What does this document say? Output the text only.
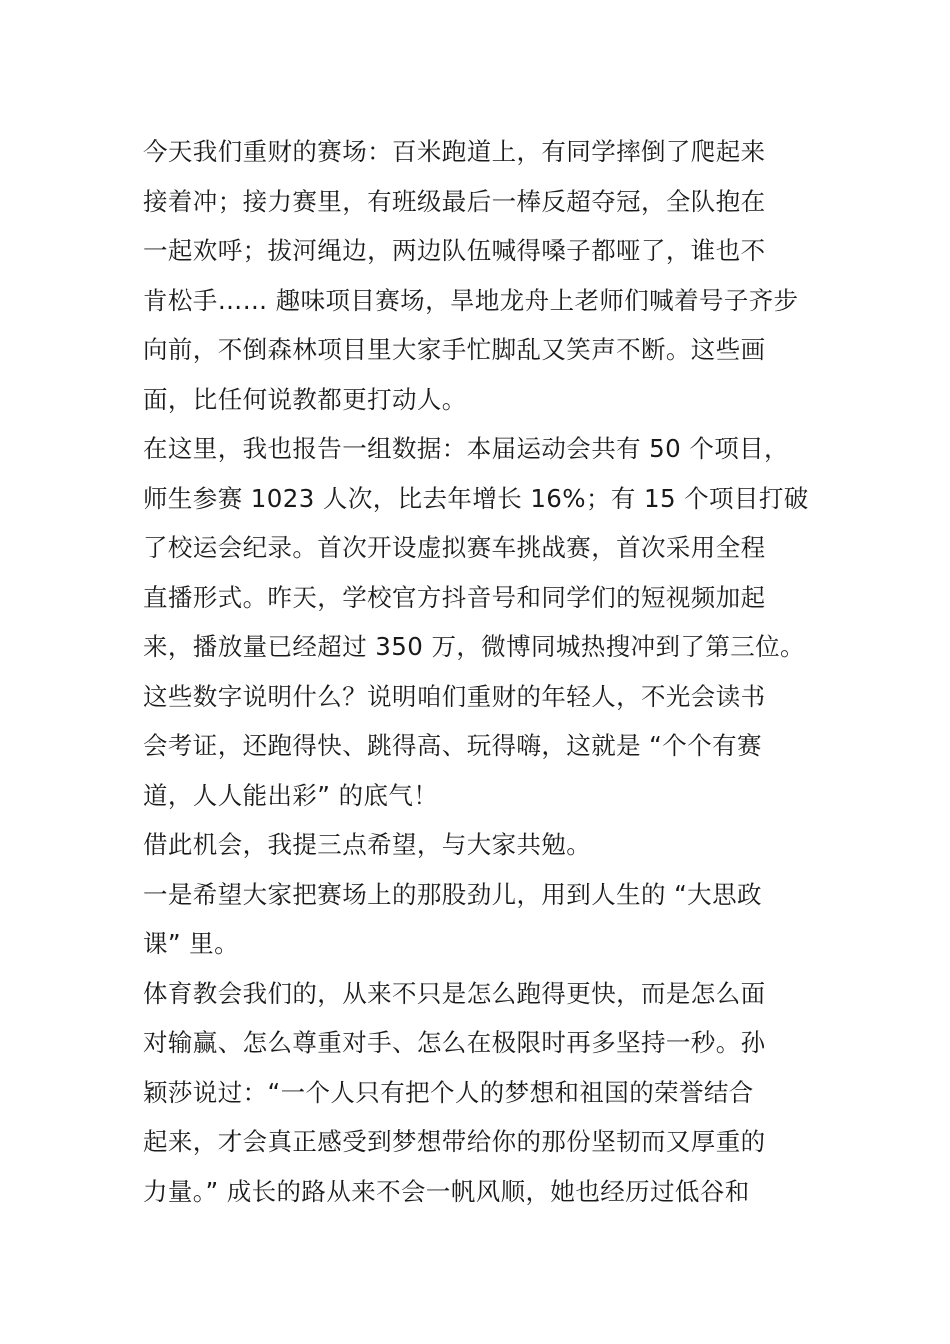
今天我们重财的赛场：百米跑道上，有同学摔倒了爬起来
接着冲；接力赛里，有班级最后一棒反超夺冠，全队抱在
一起欢呼；拔河绳边，两边队伍喊得嗓子都哑了，谁也不
肯松手…… 趣味项目赛场，旱地龙舟上老师们喊着号子齐步
向前，不倒森林项目里大家手忙脚乱又笑声不断。这些画
面，比任何说教都更打动人。
在这里，我也报告一组数据：本届运动会共有 50 个项目，
师生参赛 1023 人次，比去年增长 16%；有 15 个项目打破
了校运会纪录。首次开设虚拟赛车挑战赛，首次采用全程
直播形式。昨天，学校官方抖音号和同学们的短视频加起
来，播放量已经超过 350 万，微博同城热搜冲到了第三位。
这些数字说明什么？说明咱们重财的年轻人，不光会读书
会考证，还跑得快、跳得高、玩得嗨，这就是 “个个有赛
道，人人能出彩” 的底气！
借此机会，我提三点希望，与大家共勉。
一是希望大家把赛场上的那股劲儿，用到人生的 “大思政
课” 里。
体育教会我们的，从来不只是怎么跑得更快，而是怎么面
对输赢、怎么尊重对手、怎么在极限时再多坚持一秒。孙
颖莎说过：“一个人只有把个人的梦想和祖国的荣誉结合
起来，才会真正感受到梦想带给你的那份坚韧而又厚重的
力量。” 成长的路从来不会一帆风顺，她也经历过低谷和
